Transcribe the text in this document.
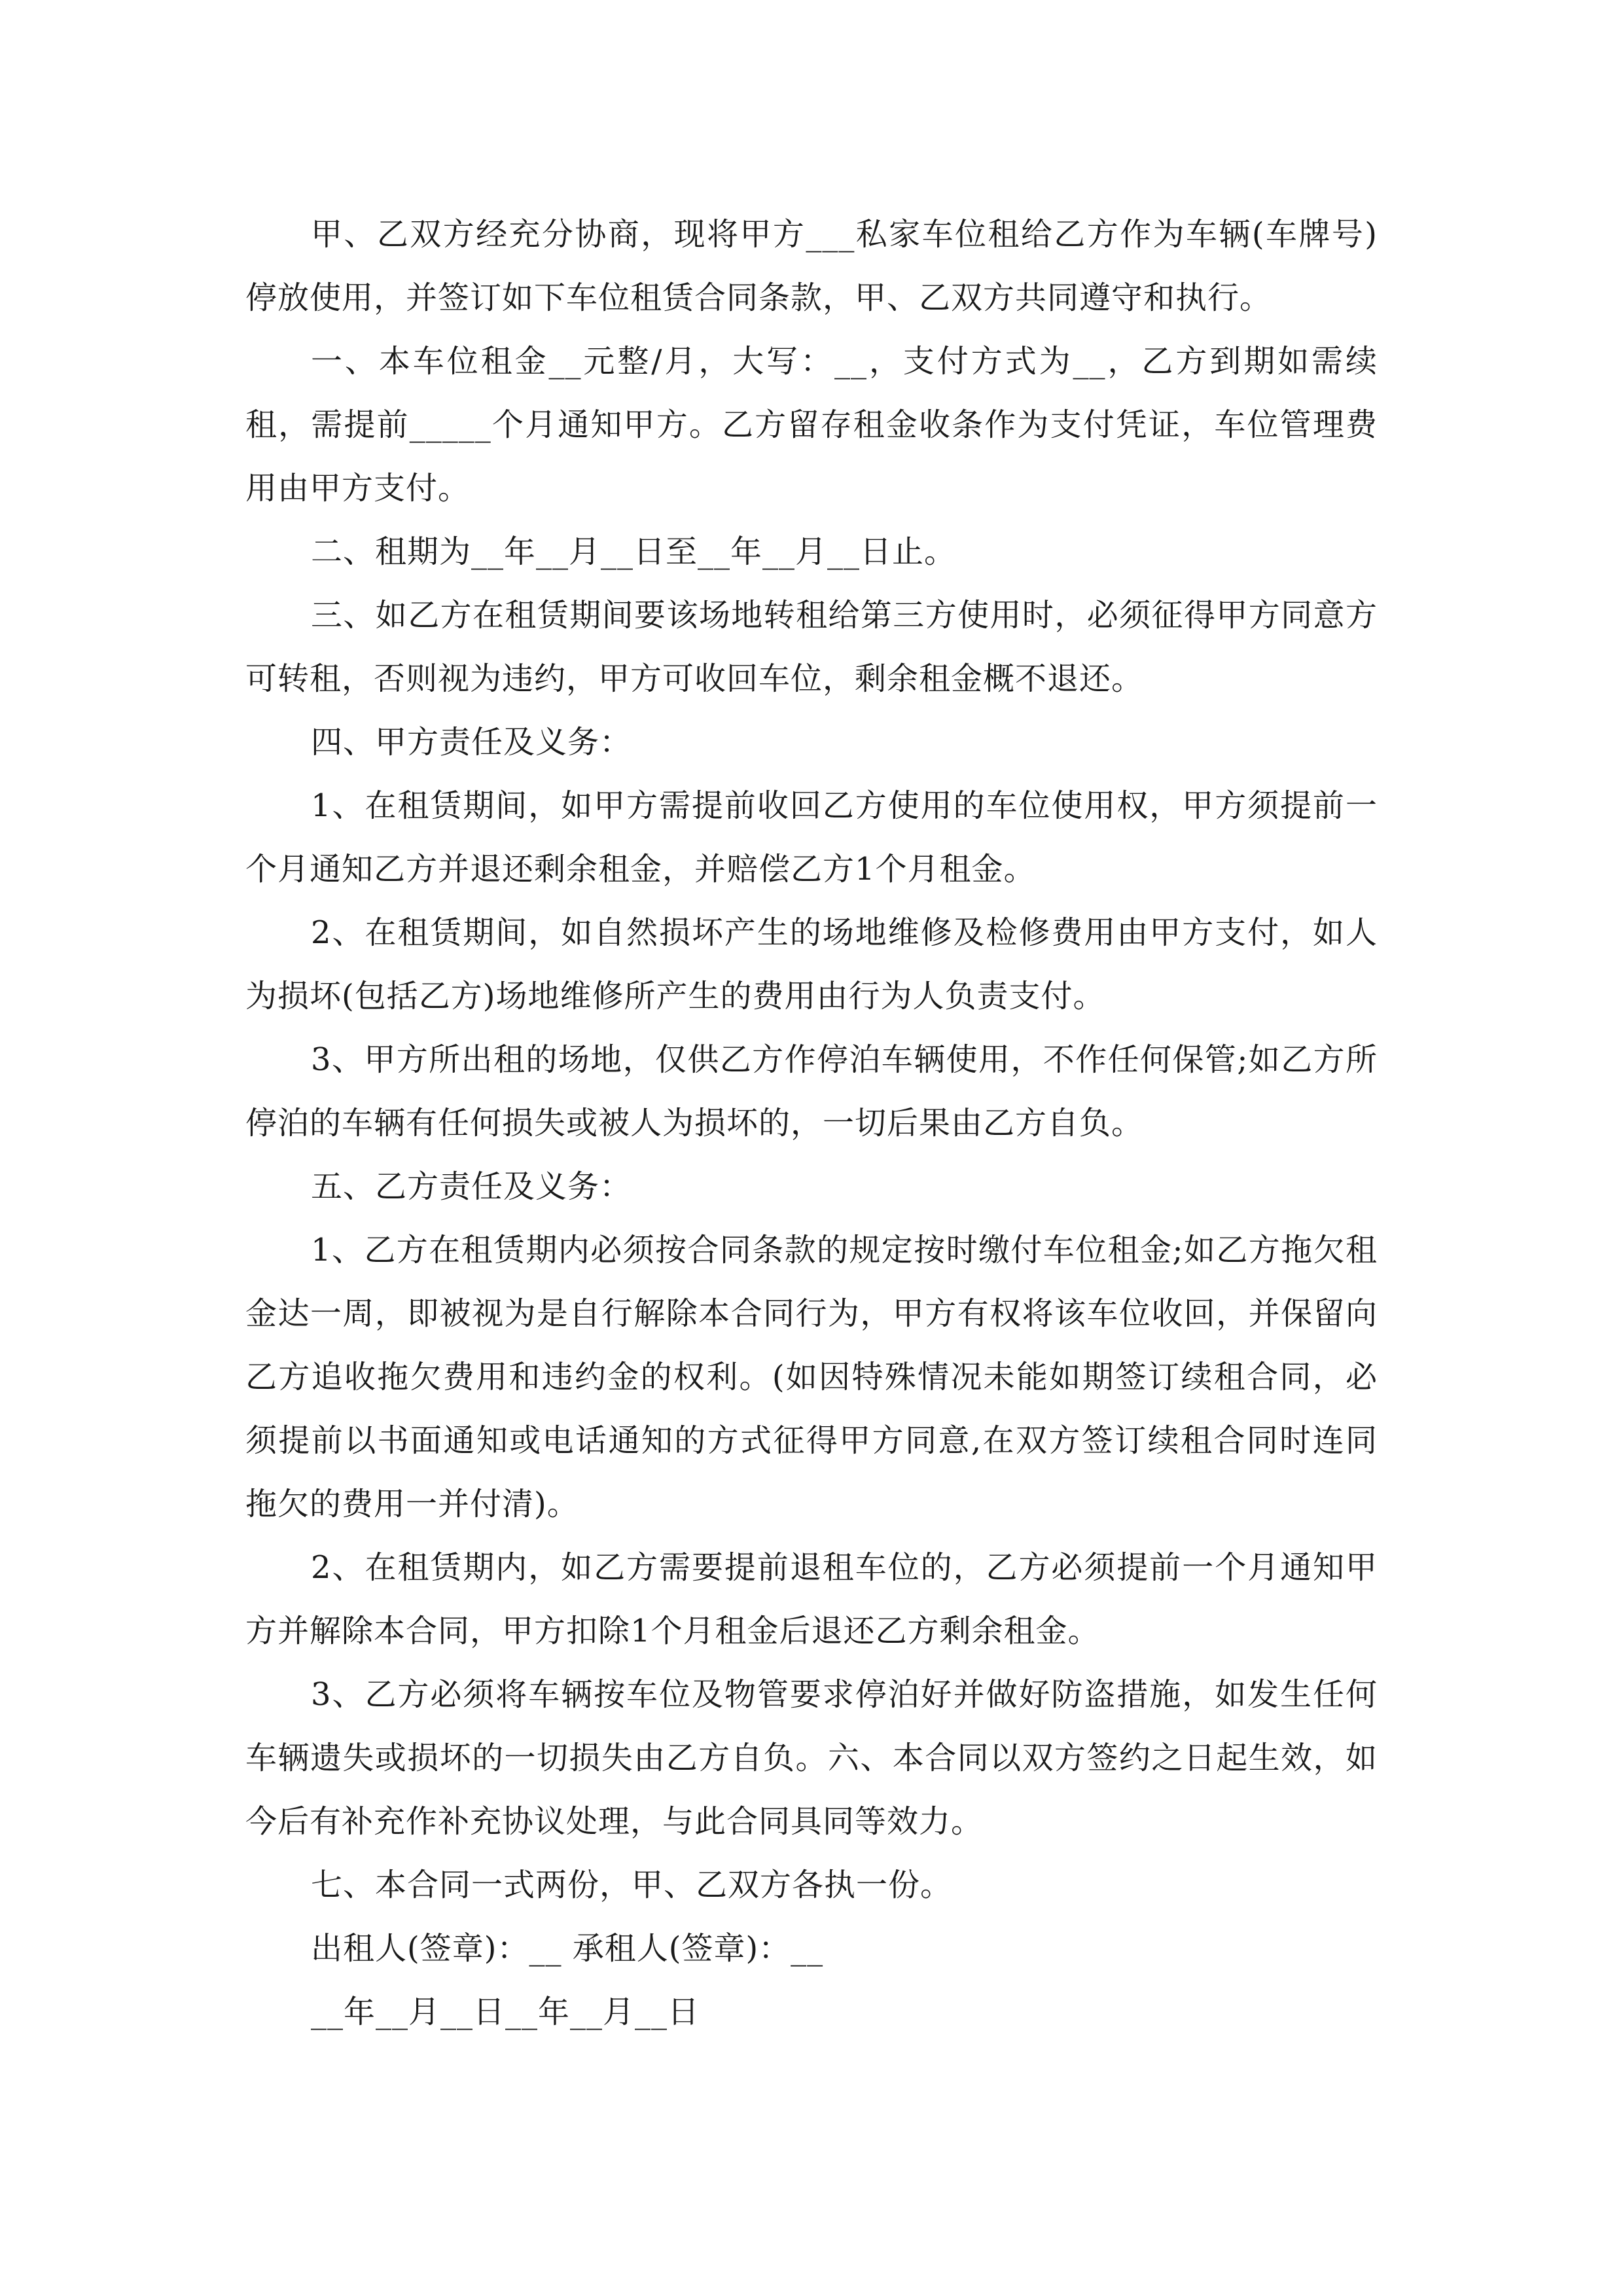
甲、乙双方经充分协商，现将甲方___私家车位租给乙方作为车辆(车牌号)停放使用，并签订如下车位租赁合同条款，甲、乙双方共同遵守和执行。

一、本车位租金__元整/月，大写：__，支付方式为__，乙方到期如需续租，需提前_____个月通知甲方。乙方留存租金收条作为支付凭证，车位管理费用由甲方支付。

二、租期为__年__月__日至__年__月__日止。

三、如乙方在租赁期间要该场地转租给第三方使用时，必须征得甲方同意方可转租，否则视为违约，甲方可收回车位，剩余租金概不退还。

四、甲方责任及义务：

1、在租赁期间，如甲方需提前收回乙方使用的车位使用权，甲方须提前一个月通知乙方并退还剩余租金，并赔偿乙方1个月租金。

2、在租赁期间，如自然损坏产生的场地维修及检修费用由甲方支付，如人为损坏(包括乙方)场地维修所产生的费用由行为人负责支付。

3、甲方所出租的场地，仅供乙方作停泊车辆使用，不作任何保管;如乙方所停泊的车辆有任何损失或被人为损坏的，一切后果由乙方自负。

五、乙方责任及义务：

1、乙方在租赁期内必须按合同条款的规定按时缴付车位租金;如乙方拖欠租金达一周，即被视为是自行解除本合同行为，甲方有权将该车位收回，并保留向乙方追收拖欠费用和违约金的权利。(如因特殊情况未能如期签订续租合同，必须提前以书面通知或电话通知的方式征得甲方同意,在双方签订续租合同时连同拖欠的费用一并付清)。

2、在租赁期内，如乙方需要提前退租车位的，乙方必须提前一个月通知甲方并解除本合同，甲方扣除1个月租金后退还乙方剩余租金。

3、乙方必须将车辆按车位及物管要求停泊好并做好防盗措施，如发生任何车辆遗失或损坏的一切损失由乙方自负。六、本合同以双方签约之日起生效，如今后有补充作补充协议处理，与此合同具同等效力。

七、本合同一式两份，甲、乙双方各执一份。

出租人(签章)：__ 承租人(签章)：__

__年__月__日__年__月__日
